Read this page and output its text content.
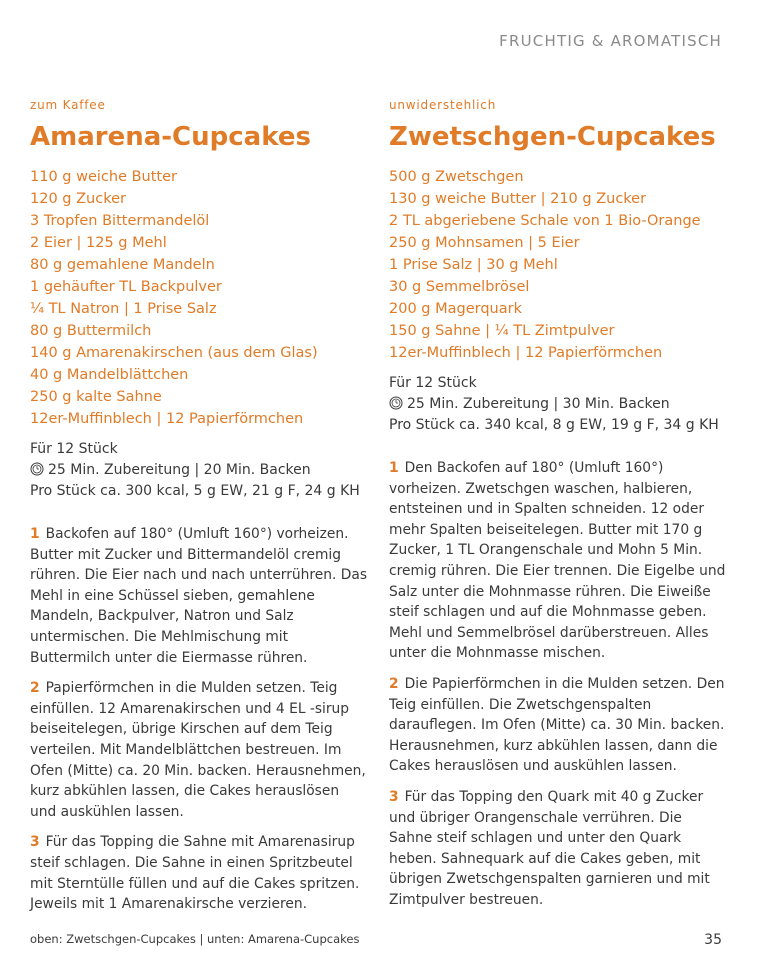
FRUCHTIG & AROMATISCH
zum Kaffee
Amarena-Cupcakes
110 g weiche Butter
120 g Zucker
3 Tropfen Bittermandelöl
2 Eier | 125 g Mehl
80 g gemahlene Mandeln
1 gehäufter TL Backpulver
¼ TL Natron | 1 Prise Salz
80 g Buttermilch
140 g Amarenakirschen (aus dem Glas)
40 g Mandelblättchen
250 g kalte Sahne
12er-Muffinblech | 12 Papierförmchen
Für 12 Stück
25 Min. Zubereitung | 20 Min. Backen
Pro Stück ca. 300 kcal, 5 g EW, 21 g F, 24 g KH

1 Backofen auf 180° (Umluft 160°) vorheizen. Butter mit Zucker und Bittermandelöl cremig rühren. Die Eier nach und nach unterrühren. Das Mehl in eine Schüssel sieben, gemahlene Mandeln, Backpulver, Natron und Salz untermischen. Die Mehlmischung mit Buttermilch unter die Eiermasse rühren.

2 Papierförmchen in die Mulden setzen. Teig einfüllen. 12 Amarenakirschen und 4 EL -sirup beiseitelegen, übrige Kirschen auf dem Teig verteilen. Mit Mandelblättchen bestreuen. Im Ofen (Mitte) ca. 20 Min. backen. Herausnehmen, kurz abkühlen lassen, die Cakes herauslösen und auskühlen lassen.

3 Für das Topping die Sahne mit Amarenasirup steif schlagen. Die Sahne in einen Spritzbeutel mit Sterntülle füllen und auf die Cakes spritzen. Jeweils mit 1 Amarenakirsche verzieren.

unwiderstehlich
Zwetschgen-Cupcakes
500 g Zwetschgen
130 g weiche Butter | 210 g Zucker
2 TL abgeriebene Schale von 1 Bio-Orange
250 g Mohnsamen | 5 Eier
1 Prise Salz | 30 g Mehl
30 g Semmelbrösel
200 g Magerquark
150 g Sahne | ¼ TL Zimtpulver
12er-Muffinblech | 12 Papierförmchen
Für 12 Stück
25 Min. Zubereitung | 30 Min. Backen
Pro Stück ca. 340 kcal, 8 g EW, 19 g F, 34 g KH

1 Den Backofen auf 180° (Umluft 160°) vorheizen. Zwetschgen waschen, halbieren, entsteinen und in Spalten schneiden. 12 oder mehr Spalten beiseitelegen. Butter mit 170 g Zucker, 1 TL Orangenschale und Mohn 5 Min. cremig rühren. Die Eier trennen. Die Eigelbe und Salz unter die Mohnmasse rühren. Die Eiweiße steif schlagen und auf die Mohnmasse geben. Mehl und Semmelbrösel darüberstreuen. Alles unter die Mohnmasse mischen.

2 Die Papierförmchen in die Mulden setzen. Den Teig einfüllen. Die Zwetschgenspalten darauflegen. Im Ofen (Mitte) ca. 30 Min. backen. Herausnehmen, kurz abkühlen lassen, dann die Cakes herauslösen und auskühlen lassen.

3 Für das Topping den Quark mit 40 g Zucker und übriger Orangenschale verrühren. Die Sahne steif schlagen und unter den Quark heben. Sahnequark auf die Cakes geben, mit übrigen Zwetschgenspalten garnieren und mit Zimtpulver bestreuen.

oben: Zwetschgen-Cupcakes | unten: Amarena-Cupcakes	35
